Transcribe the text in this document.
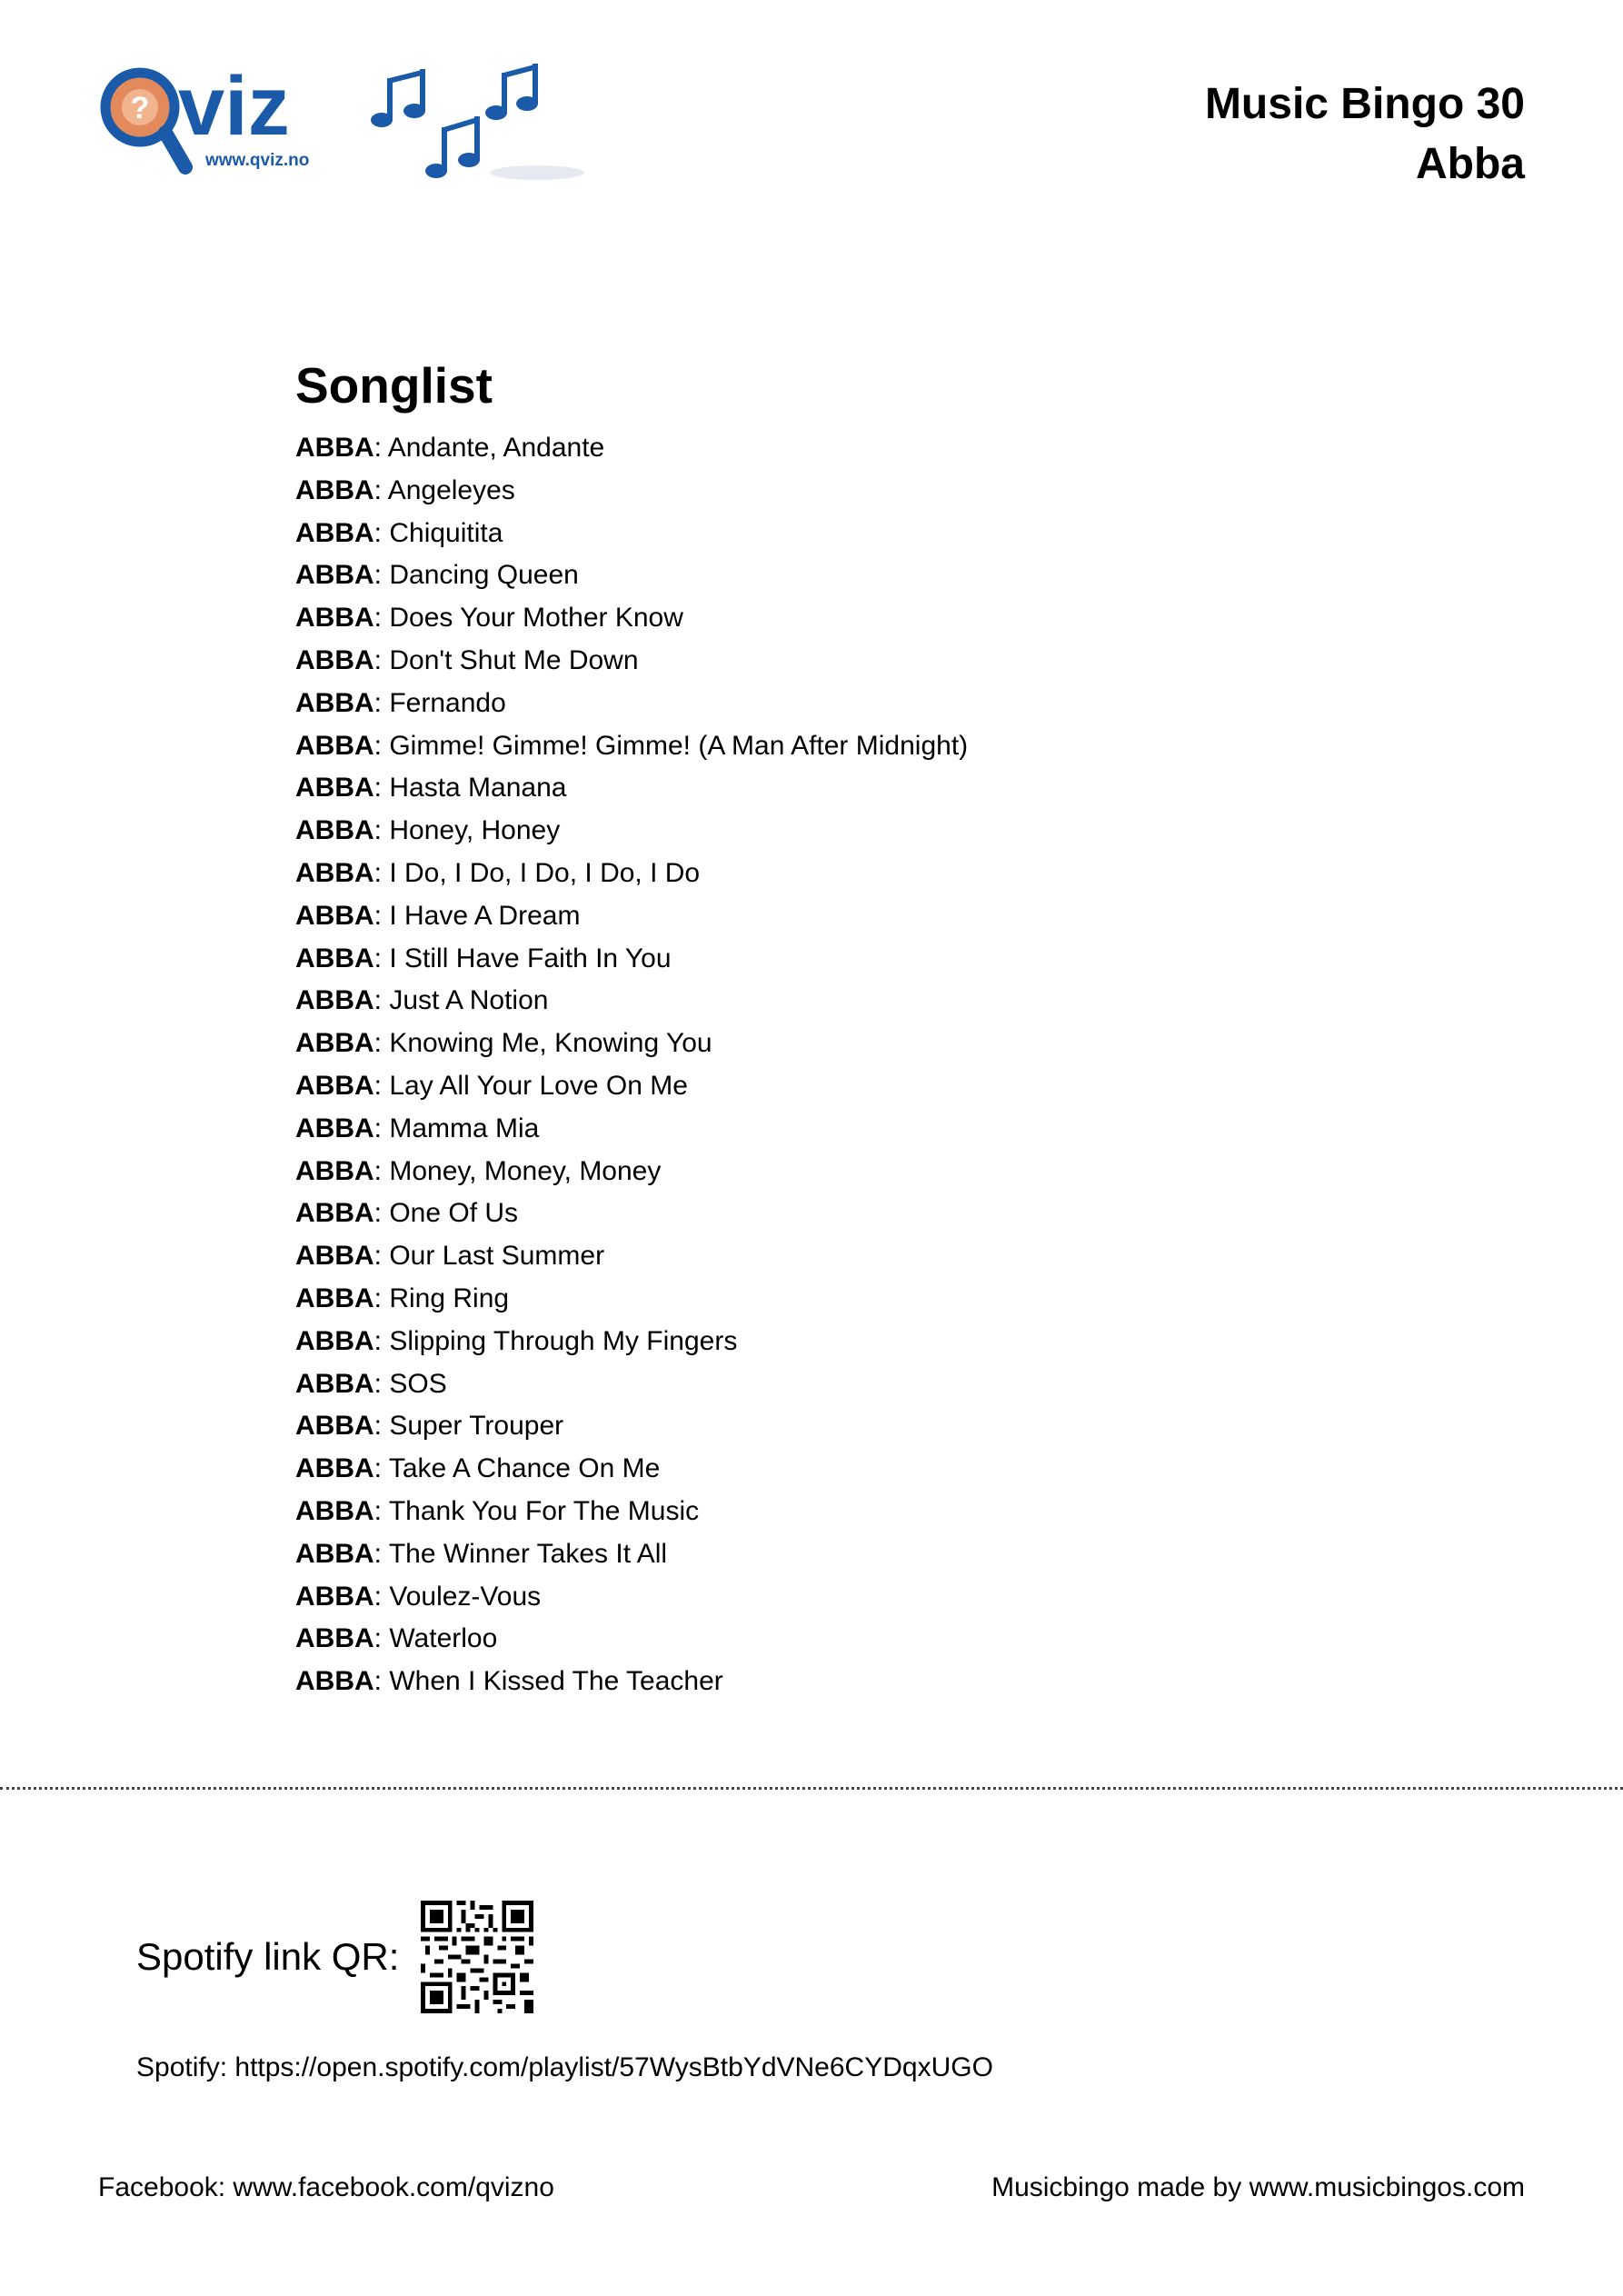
? viz
www.qviz.no
Music Bingo 30
Abba
Songlist
ABBA: Andante, Andante
ABBA: Angeleyes
ABBA: Chiquitita
ABBA: Dancing Queen
ABBA: Does Your Mother Know
ABBA: Don't Shut Me Down
ABBA: Fernando
ABBA: Gimme! Gimme! Gimme! (A Man After Midnight)
ABBA: Hasta Manana
ABBA: Honey, Honey
ABBA: I Do, I Do, I Do, I Do, I Do
ABBA: I Have A Dream
ABBA: I Still Have Faith In You
ABBA: Just A Notion
ABBA: Knowing Me, Knowing You
ABBA: Lay All Your Love On Me
ABBA: Mamma Mia
ABBA: Money, Money, Money
ABBA: One Of Us
ABBA: Our Last Summer
ABBA: Ring Ring
ABBA: Slipping Through My Fingers
ABBA: SOS
ABBA: Super Trouper
ABBA: Take A Chance On Me
ABBA: Thank You For The Music
ABBA: The Winner Takes It All
ABBA: Voulez-Vous
ABBA: Waterloo
ABBA: When I Kissed The Teacher
Spotify link QR:
Spotify: https://open.spotify.com/playlist/57WysBtbYdVNe6CYDqxUGO
Facebook: www.facebook.com/qvizno	Musicbingo made by www.musicbingos.com
